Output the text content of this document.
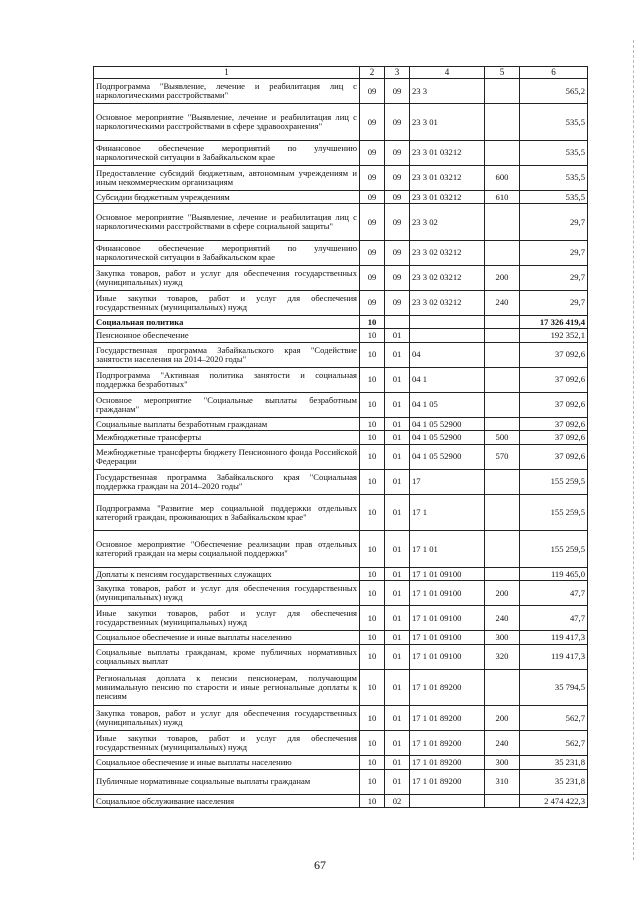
1	2	3	4	5	6
Подпрограмма "Выявление, лечение и реабилитация лиц с наркологическими расстройствами"	09	09	23 3		565,2
Основное мероприятие "Выявление, лечение и реабилитация лиц с наркологическими расстройствами в сфере здравоохранения"	09	09	23 3 01		535,5
Финансовое обеспечение мероприятий по улучшению наркологической ситуации в Забайкальском крае	09	09	23 3 01 03212		535,5
Предоставление субсидий бюджетным, автономным учреждениям и иным некоммерческим организациям	09	09	23 3 01 03212	600	535,5
Субсидии бюджетным учреждениям	09	09	23 3 01 03212	610	535,5
Основное мероприятие "Выявление, лечение и реабилитация лиц с наркологическими расстройствами в сфере социальной защиты"	09	09	23 3 02		29,7
Финансовое обеспечение мероприятий по улучшению наркологической ситуации в Забайкальском крае	09	09	23 3 02 03212		29,7
Закупка товаров, работ и услуг для обеспечения государственных (муниципальных) нужд	09	09	23 3 02 03212	200	29,7
Иные закупки товаров, работ и услуг для обеспечения государственных (муниципальных) нужд	09	09	23 3 02 03212	240	29,7
Социальная политика	10				17 326 419,4
Пенсионное обеспечение	10	01			192 352,1
Государственная программа Забайкальского края "Содействие занятости населения на 2014–2020 годы"	10	01	04		37 092,6
Подпрограмма "Активная политика занятости и социальная поддержка безработных"	10	01	04 1		37 092,6
Основное мероприятие "Социальные выплаты безработным гражданам"	10	01	04 1 05		37 092,6
Социальные выплаты безработным гражданам	10	01	04 1 05 52900		37 092,6
Межбюджетные трансферты	10	01	04 1 05 52900	500	37 092,6
Межбюджетные трансферты бюджету Пенсионного фонда Российской Федерации	10	01	04 1 05 52900	570	37 092,6
Государственная программа Забайкальского края "Социальная поддержка граждан на 2014–2020 годы"	10	01	17		155 259,5
Подпрограмма "Развитие мер социальной поддержки отдельных категорий граждан, проживающих в Забайкальском крае"	10	01	17 1		155 259,5
Основное мероприятие "Обеспечение реализации прав отдельных категорий граждан на меры социальной поддержки"	10	01	17 1 01		155 259,5
Доплаты к пенсиям государственных служащих	10	01	17 1 01 09100		119 465,0
Закупка товаров, работ и услуг для обеспечения государственных (муниципальных) нужд	10	01	17 1 01 09100	200	47,7
Иные закупки товаров, работ и услуг для обеспечения государственных (муниципальных) нужд	10	01	17 1 01 09100	240	47,7
Социальное обеспечение и иные выплаты населению	10	01	17 1 01 09100	300	119 417,3
Социальные выплаты гражданам, кроме публичных нормативных социальных выплат	10	01	17 1 01 09100	320	119 417,3
Региональная доплата к пенсии пенсионерам, получающим минимальную пенсию по старости и иные региональные доплаты к пенсиям	10	01	17 1 01 89200		35 794,5
Закупка товаров, работ и услуг для обеспечения государственных (муниципальных) нужд	10	01	17 1 01 89200	200	562,7
Иные закупки товаров, работ и услуг для обеспечения государственных (муниципальных) нужд	10	01	17 1 01 89200	240	562,7
Социальное обеспечение и иные выплаты населению	10	01	17 1 01 89200	300	35 231,8
Публичные нормативные социальные выплаты гражданам	10	01	17 1 01 89200	310	35 231,8
Социальное обслуживание населения	10	02			2 474 422,3
67
